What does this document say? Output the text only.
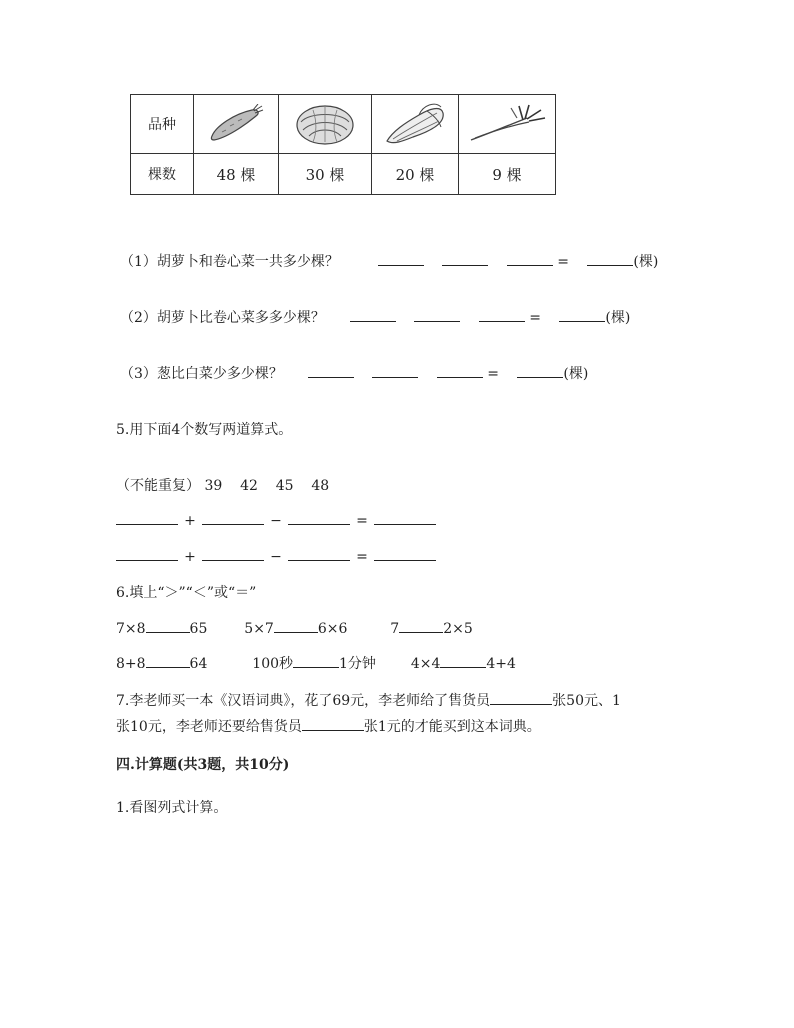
品种	

棵数	48 棵	30 棵	20 棵	9 棵
（1）胡萝卜和卷心菜一共多少棵？	=	(棵)
（2）胡萝卜比卷心菜多多少棵？	=	(棵)
（3）葱比白菜少多少棵？	=	(棵)
5.用下面4个数写两道算式。
（不能重复） 39 42 45 48
+	−	=
+	−	=
6.填上“＞”“＜”或“＝”
7×8	65	5×7	6×6	7	2×5
8+8	64	100秒	1分钟 4×4	4+4
7.李老师买一本《汉语词典》，花了69元，李老师给了售货员	张50元、1
张10元，李老师还要给售货员	张1元的才能买到这本词典。
四.计算题(共3题，共10分)
1.看图列式计算。
